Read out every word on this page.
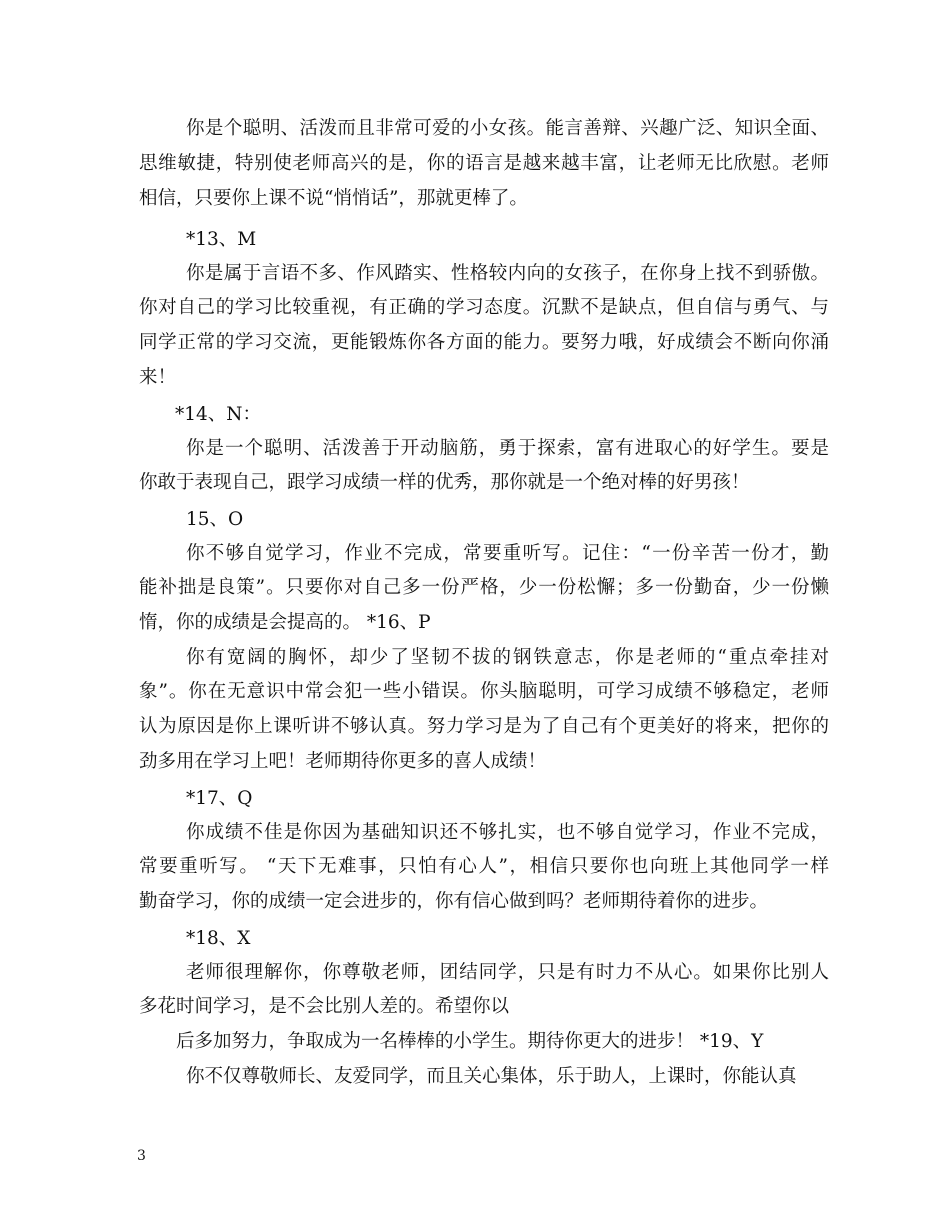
你是个聪明、活泼而且非常可爱的小女孩。能言善辩、兴趣广泛、知识全面、
思维敏捷，特别使老师高兴的是，你的语言是越来越丰富，让老师无比欣慰。老师
相信，只要你上课不说“悄悄话”，那就更棒了。
*13、M
你是属于言语不多、作风踏实、性格较内向的女孩子，在你身上找不到骄傲。
你对自己的学习比较重视，有正确的学习态度。沉默不是缺点，但自信与勇气、与
同学正常的学习交流，更能锻炼你各方面的能力。要努力哦，好成绩会不断向你涌
来！
*14、N：
你是一个聪明、活泼善于开动脑筋，勇于探索，富有进取心的好学生。要是
你敢于表现自己，跟学习成绩一样的优秀，那你就是一个绝对棒的好男孩！
15、O
你不够自觉学习，作业不完成，常要重听写。记住：“一份辛苦一份才，勤
能补拙是良策”。只要你对自己多一份严格，少一份松懈；多一份勤奋，少一份懒
惰，你的成绩是会提高的。 *16、P
你有宽阔的胸怀，却少了坚韧不拔的钢铁意志，你是老师的“重点牵挂对
象”。你在无意识中常会犯一些小错误。你头脑聪明，可学习成绩不够稳定，老师
认为原因是你上课听讲不够认真。努力学习是为了自己有个更美好的将来，把你的
劲多用在学习上吧！老师期待你更多的喜人成绩！
*17、Q
你成绩不佳是你因为基础知识还不够扎实，也不够自觉学习，作业不完成，
常要重听写。 “天下无难事，只怕有心人”，相信只要你也向班上其他同学一样
勤奋学习，你的成绩一定会进步的，你有信心做到吗？老师期待着你的进步。
*18、X
老师很理解你，你尊敬老师，团结同学，只是有时力不从心。如果你比别人
多花时间学习，是不会比别人差的。希望你以
后多加努力，争取成为一名棒棒的小学生。期待你更大的进步！ *19、Y
你不仅尊敬师长、友爱同学，而且关心集体，乐于助人，上课时，你能认真
3
